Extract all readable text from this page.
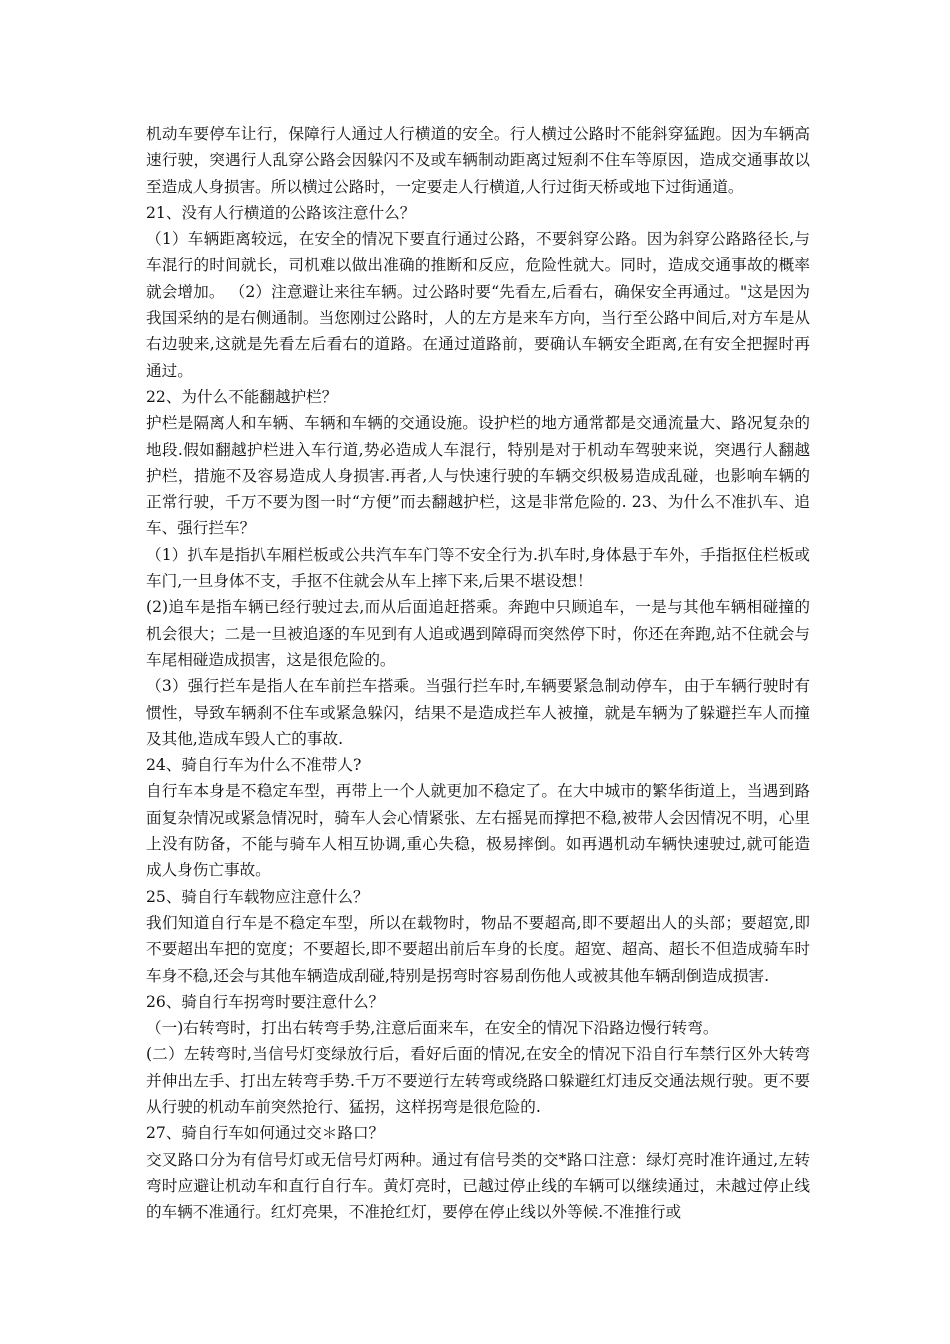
机动车要停车让行，保障行人通过人行横道的安全。行人横过公路时不能斜穿猛跑。因为车辆高速行驶，突遇行人乱穿公路会因躲闪不及或车辆制动距离过短刹不住车等原因，造成交通事故以至造成人身损害。所以横过公路时，一定要走人行横道,人行过街天桥或地下过街通道。

21、没有人行横道的公路该注意什么？

（1）车辆距离较远，在安全的情况下要直行通过公路，不要斜穿公路。因为斜穿公路路径长,与车混行的时间就长，司机难以做出准确的推断和反应，危险性就大。同时，造成交通事故的概率就会增加。 （2）注意避让来往车辆。过公路时要“先看左,后看右，确保安全再通过。"这是因为我国采纳的是右侧通制。当您刚过公路时，人的左方是来车方向，当行至公路中间后,对方车是从右边驶来,这就是先看左后看右的道路。在通过道路前，要确认车辆安全距离,在有安全把握时再通过。

22、为什么不能翻越护栏？

护栏是隔离人和车辆、车辆和车辆的交通设施。设护栏的地方通常都是交通流量大、路况复杂的地段.假如翻越护栏进入车行道,势必造成人车混行，特别是对于机动车驾驶来说，突遇行人翻越护栏，措施不及容易造成人身损害.再者,人与快速行驶的车辆交织极易造成乱碰，也影响车辆的正常行驶，千万不要为图一时“方便”而去翻越护栏，这是非常危险的. 23、为什么不准扒车、追车、强行拦车？

（1）扒车是指扒车厢栏板或公共汽车车门等不安全行为.扒车时,身体悬于车外，手指抠住栏板或车门,一旦身体不支，手抠不住就会从车上摔下来,后果不堪设想！

(2)追车是指车辆已经行驶过去,而从后面追赶搭乘。奔跑中只顾追车，一是与其他车辆相碰撞的机会很大；二是一旦被追逐的车见到有人追或遇到障碍而突然停下时，你还在奔跑,站不住就会与车尾相碰造成损害，这是很危险的。

（3）强行拦车是指人在车前拦车搭乘。当强行拦车时,车辆要紧急制动停车，由于车辆行驶时有惯性，导致车辆刹不住车或紧急躲闪，结果不是造成拦车人被撞，就是车辆为了躲避拦车人而撞及其他,造成车毁人亡的事故.

24、骑自行车为什么不准带人?

自行车本身是不稳定车型，再带上一个人就更加不稳定了。在大中城市的繁华街道上，当遇到路面复杂情况或紧急情况时，骑车人会心情紧张、左右摇晃而撑把不稳,被带人会因情况不明，心里上没有防备，不能与骑车人相互协调,重心失稳，极易摔倒。如再遇机动车辆快速驶过,就可能造成人身伤亡事故。

25、骑自行车载物应注意什么？

我们知道自行车是不稳定车型，所以在载物时，物品不要超高,即不要超出人的头部；要超宽,即不要超出车把的宽度；不要超长,即不要超出前后车身的长度。超宽、超高、超长不但造成骑车时车身不稳,还会与其他车辆造成刮碰,特别是拐弯时容易刮伤他人或被其他车辆刮倒造成损害.

26、骑自行车拐弯时要注意什么？

（一)右转弯时，打出右转弯手势,注意后面来车，在安全的情况下沿路边慢行转弯。

(二）左转弯时,当信号灯变绿放行后，看好后面的情况,在安全的情况下沿自行车禁行区外大转弯并伸出左手、打出左转弯手势.千万不要逆行左转弯或绕路口躲避红灯违反交通法规行驶。更不要从行驶的机动车前突然抢行、猛拐，这样拐弯是很危险的.

27、骑自行车如何通过交＊路口？

交叉路口分为有信号灯或无信号灯两种。通过有信号类的交*路口注意：绿灯亮时准许通过,左转弯时应避让机动车和直行自行车。黄灯亮时，已越过停止线的车辆可以继续通过，未越过停止线的车辆不准通行。红灯亮果，不准抢红灯，要停在停止线以外等候.不准推行或
